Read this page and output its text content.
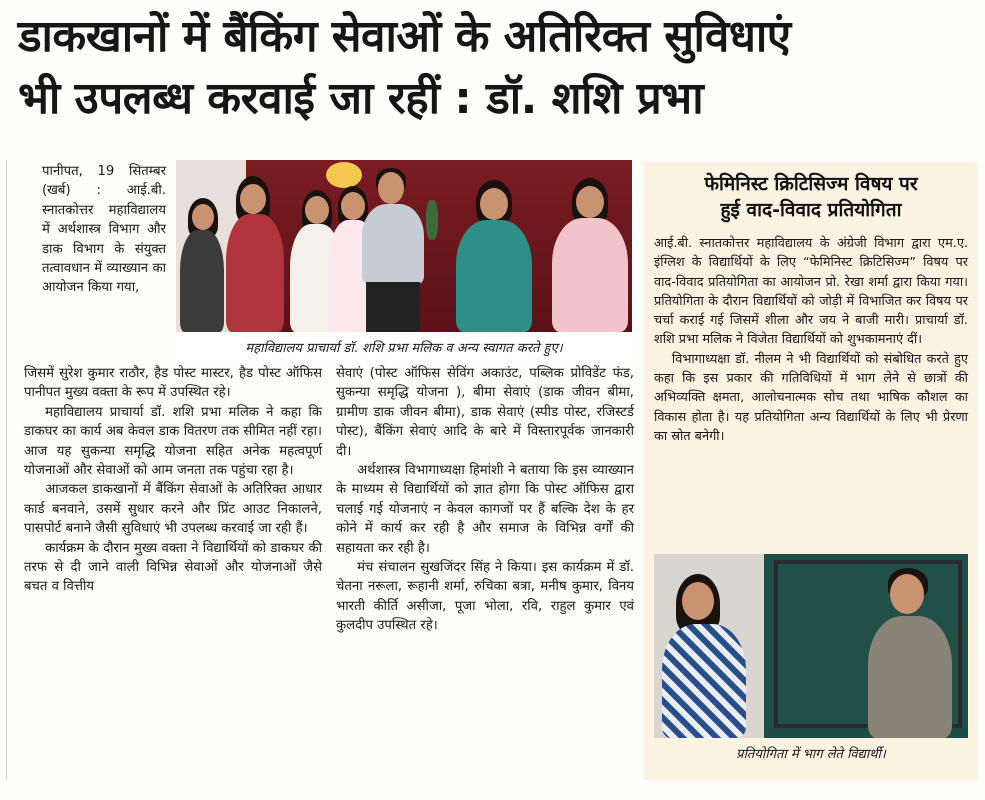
डाकखानों में बैंकिंग सेवाओं के अतिरिक्त सुविधाएं
भी उपलब्ध करवाई जा रहीं : डॉ. शशि प्रभा

पानीपत, 19 सितम्बर (खर्ब) : आई.बी. स्नातकोत्तर महाविद्यालय में अर्थशास्त्र विभाग और डाक विभाग के संयुक्त तत्वावधान में व्याख्यान का आयोजन किया गया,

महाविद्यालय प्राचार्या डॉ. शशि प्रभा मलिक व अन्य स्वागत करते हुए।

जिसमें सुरेश कुमार राठौर, हैड पोस्ट मास्टर, हैड पोस्ट ऑफिस पानीपत मुख्य वक्ता के रूप में उपस्थित रहे।

महाविद्यालय प्राचार्या डॉ. शशि प्रभा मलिक ने कहा कि डाकघर का कार्य अब केवल डाक वितरण तक सीमित नहीं रहा। आज यह सुकन्या समृद्धि योजना सहित अनेक महत्वपूर्ण योजनाओं और सेवाओं को आम जनता तक पहुंचा रहा है।

आजकल डाकखानों में बैंकिंग सेवाओं के अतिरिक्त आधार कार्ड बनवाने, उसमें सुधार करने और प्रिंट आउट निकालने, पासपोर्ट बनाने जैसी सुविधाएं भी उपलब्ध करवाई जा रही हैं।

कार्यक्रम के दौरान मुख्य वक्ता ने विद्यार्थियों को डाकघर की तरफ से दी जाने वाली विभिन्न सेवाओं और योजनाओं जैसे बचत व वित्तीय

सेवाएं (पोस्ट ऑफिस सेविंग अकाउंट, पब्लिक प्रोविडेंट फंड, सुकन्या समृद्धि योजना ), बीमा सेवाएं (डाक जीवन बीमा, ग्रामीण डाक जीवन बीमा), डाक सेवाएं (स्पीड पोस्ट, रजिस्टर्ड पोस्ट), बैंकिंग सेवाएं आदि के बारे में विस्तारपूर्वक जानकारी दी।

अर्थशास्त्र विभागाध्यक्षा हिमांशी ने बताया कि इस व्याख्यान के माध्यम से विद्यार्थियों को ज्ञात होगा कि पोस्ट ऑफिस द्वारा चलाई गई योजनाएं न केवल कागजों पर हैं बल्कि देश के हर कोने में कार्य कर रही है और समाज के विभिन्न वर्गों की सहायता कर रही है।

मंच संचालन सुखजिंदर सिंह ने किया। इस कार्यक्रम में डॉ. चेतना नरूला, रूहानी शर्मा, रुचिका बत्रा, मनीष कुमार, विनय भारती कीर्ति असीजा, पूजा भोला, रवि, राहुल कुमार एवं कुलदीप उपस्थित रहे।

फेमिनिस्ट क्रिटिसिज्म विषय पर
हुई वाद-विवाद प्रतियोगिता

आई.बी. स्नातकोत्तर महाविद्यालय के अंग्रेजी विभाग द्वारा एम.ए. इंग्लिश के विद्यार्थियों के लिए “फेमिनिस्ट क्रिटिसिज्म” विषय पर वाद-विवाद प्रतियोगिता का आयोजन प्रो. रेखा शर्मा द्वारा किया गया। प्रतियोगिता के दौरान विद्यार्थियों को जोड़ी में विभाजित कर विषय पर चर्चा कराई गई जिसमें शीला और जय ने बाजी मारी। प्राचार्या डॉ. शशि प्रभा मलिक ने विजेता विद्यार्थियों को शुभकामनाएं दीं।

विभागाध्यक्षा डॉ. नीलम ने भी विद्यार्थियों को संबोधित करते हुए कहा कि इस प्रकार की गतिविधियों में भाग लेने से छात्रों की अभिव्यक्ति क्षमता, आलोचनात्मक सोच तथा भाषिक कौशल का विकास होता है। यह प्रतियोगिता अन्य विद्यार्थियों के लिए भी प्रेरणा का स्रोत बनेगी।

प्रतियोगिता में भाग लेते विद्यार्थी।
